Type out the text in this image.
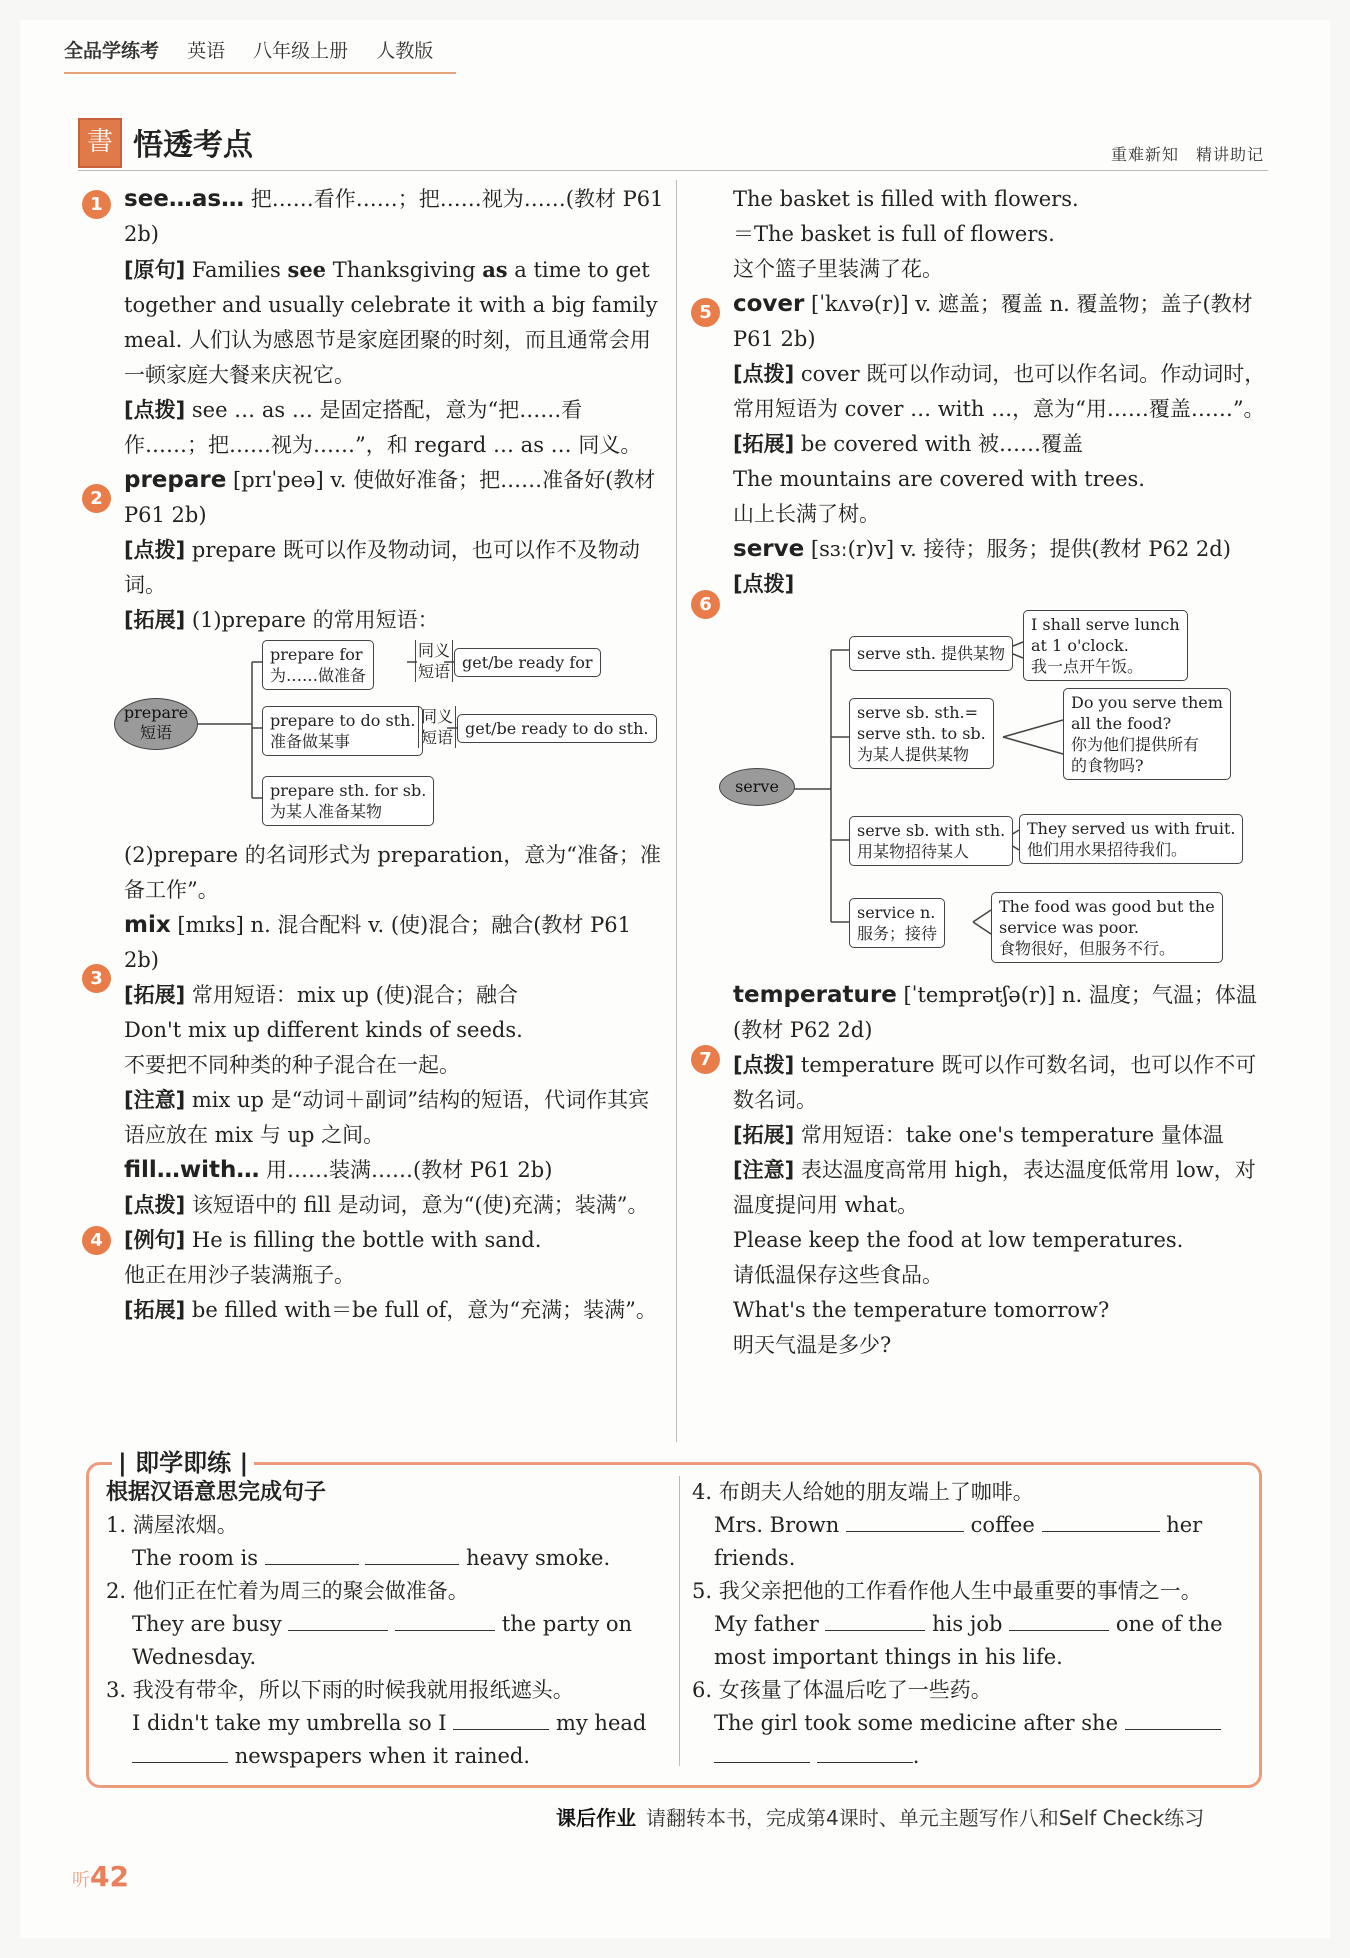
全品学练考 英语 八年级上册 人教版
書 悟透考点	重难新知　精讲助记
1
2
3
4

see…as… 把……看作……；把……视为……(教材 P61 2b)

[原句] Families see Thanksgiving as a time to get together and usually celebrate it with a big family meal. 人们认为感恩节是家庭团聚的时刻，而且通常会用一顿家庭大餐来庆祝它。

[点拨] see … as … 是固定搭配，意为“把……看作……；把……视为……”，和 regard … as … 同义。

prepare [prɪˈpeə] v. 使做好准备；把……准备好(教材 P61 2b)

[点拨] prepare 既可以作及物动词，也可以作不及物动词。

[拓展] (1)prepare 的常用短语：

prepare
短语
prepare for
为……做准备
同义
短语 get/be ready for
prepare to do sth.
准备做某事
同义
短语 get/be ready to do sth.
prepare sth. for sb.
为某人准备某物

(2)prepare 的名词形式为 preparation，意为“准备；准备工作”。

mix [mɪks] n. 混合配料 v. (使)混合；融合(教材 P61 2b)

[拓展] 常用短语：mix up (使)混合；融合

Don't mix up different kinds of seeds.

不要把不同种类的种子混合在一起。

[注意] mix up 是“动词＋副词”结构的短语，代词作其宾语应放在 mix 与 up 之间。

fill…with… 用……装满……(教材 P61 2b)

[点拨] 该短语中的 fill 是动词，意为“(使)充满；装满”。

[例句] He is filling the bottle with sand.

他正在用沙子装满瓶子。

[拓展] be filled with＝be full of，意为“充满；装满”。

5
6
7

The basket is filled with flowers.

＝The basket is full of flowers.

这个篮子里装满了花。

cover [ˈkʌvə(r)] v. 遮盖；覆盖 n. 覆盖物；盖子(教材 P61 2b)

[点拨] cover 既可以作动词，也可以作名词。作动词时，常用短语为 cover … with …，意为“用……覆盖……”。

[拓展] be covered with 被……覆盖

The mountains are covered with trees.

山上长满了树。

serve [sɜː(r)v] v. 接待；服务；提供(教材 P62 2d)

[点拨]

serve
serve sth. 提供某物
I shall serve lunch
at 1 o'clock.
我一点开午饭。
serve sb. sth.=
serve sth. to sb.
为某人提供某物
Do you serve them
all the food?
你为他们提供所有
的食物吗?
serve sb. with sth.
用某物招待某人
They served us with fruit.
他们用水果招待我们。
service n.
服务；接待
The food was good but the
service was poor.
食物很好，但服务不行。

temperature [ˈtemprətʃə(r)] n. 温度；气温；体温(教材 P62 2d)

[点拨] temperature 既可以作可数名词，也可以作不可数名词。

[拓展] 常用短语：take one's temperature 量体温

[注意] 表达温度高常用 high，表达温度低常用 low，对温度提问用 what。

Please keep the food at low temperatures.

请低温保存这些食品。

What's the temperature tomorrow?

明天气温是多少?

| 即学即练 |

根据汉语意思完成句子

1. 满屋浓烟。

The room is	heavy smoke.

2. 他们正在忙着为周三的聚会做准备。

They are busy	the party on

Wednesday.

3. 我没有带伞，所以下雨的时候我就用报纸遮头。

I didn't take my umbrella so I	my head

newspapers when it rained.

4. 布朗夫人给她的朋友端上了咖啡。

Mrs. Brown	coffee	her

friends.

5. 我父亲把他的工作看作他人生中最重要的事情之一。

My father	his job	one of the

most important things in his life.

6. 女孩量了体温后吃了一些药。

The girl took some medicine after she

.

课后作业 请翻转本书，完成第4课时、单元主题写作八和Self Check练习
听42
